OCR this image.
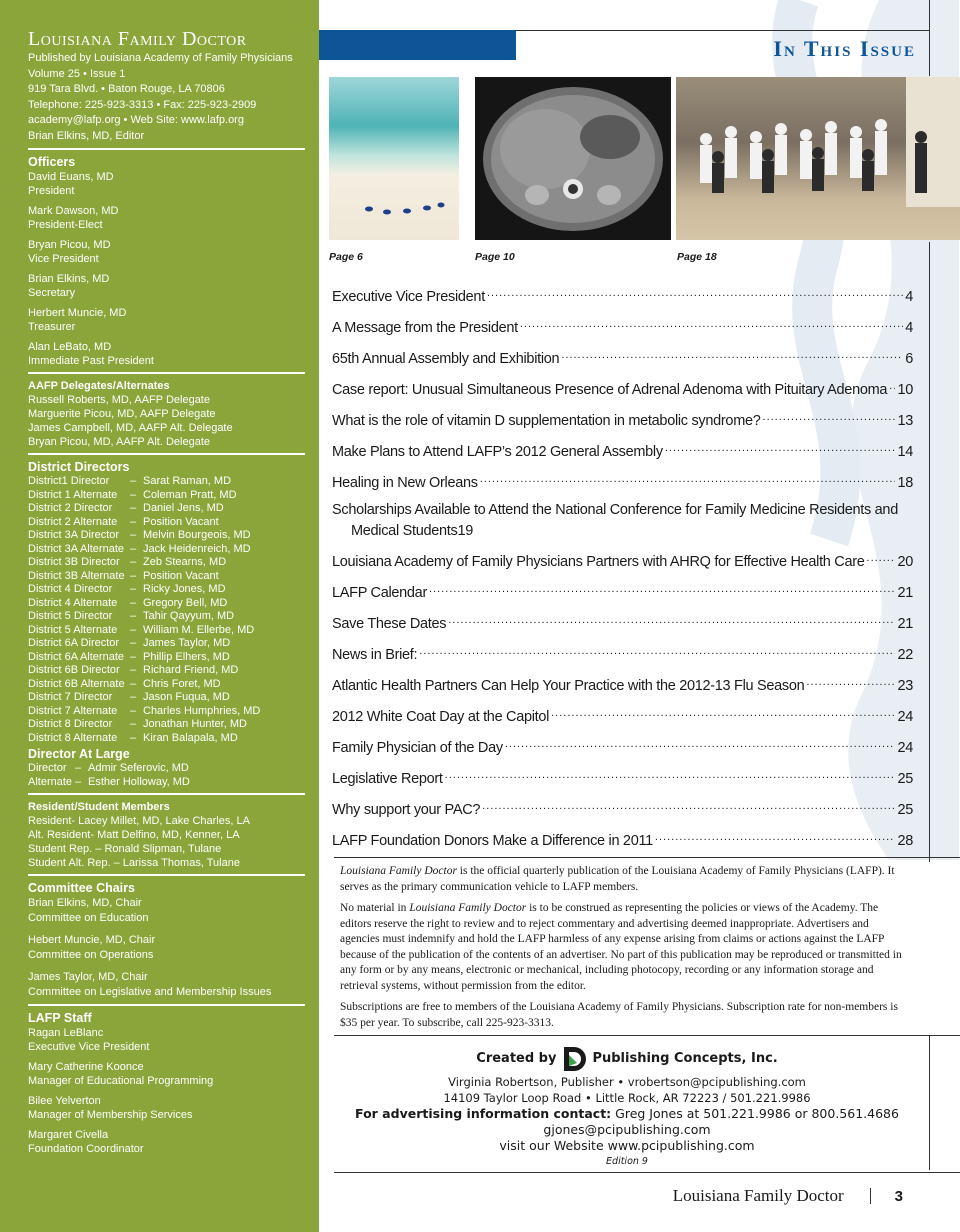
Louisiana Family Doctor
Published by Louisiana Academy of Family Physicians
Volume 25 • Issue 1
919 Tara Blvd. • Baton Rouge, LA 70806
Telephone: 225-923-3313 • Fax: 225-923-2909
academy@lafp.org • Web Site: www.lafp.org
Brian Elkins, MD, Editor
Officers
David Euans, MD
President
Mark Dawson, MD
President-Elect
Bryan Picou, MD
Vice President
Brian Elkins, MD
Secretary
Herbert Muncie, MD
Treasurer
Alan LeBato, MD
Immediate Past President
AAFP Delegates/Alternates
Russell Roberts, MD, AAFP Delegate
Marguerite Picou, MD, AAFP Delegate
James Campbell, MD, AAFP Alt. Delegate
Bryan Picou, MD, AAFP Alt. Delegate
District Directors
District1 Director	– Sarat Raman, MD
District 1 Alternate	– Coleman Pratt, MD
District 2 Director	– Daniel Jens, MD
District 2 Alternate	– Position Vacant
District 3A Director – Melvin Bourgeois, MD
District 3A Alternate – Jack Heidenreich, MD
District 3B Director – Zeb Stearns, MD
District 3B Alternate – Position Vacant
District 4 Director	– Ricky Jones, MD
District 4 Alternate	– Gregory Bell, MD
District 5 Director	– Tahir Qayyum, MD
District 5 Alternate	– William M. Ellerbe, MD
District 6A Director – James Taylor, MD
District 6A Alternate – Phillip Elhers, MD
District 6B Director – Richard Friend, MD
District 6B Alternate – Chris Foret, MD
District 7 Director	– Jason Fuqua, MD
District 7 Alternate	– Charles Humphries, MD
District 8 Director	– Jonathan Hunter, MD
District 8 Alternate	– Kiran Balapala, MD
Director At Large
Director – Admir Seferovic, MD
Alternate – Esther Holloway, MD
Resident/Student Members
Resident- Lacey Millet, MD, Lake Charles, LA
Alt. Resident- Matt Delfino, MD, Kenner, LA
Student Rep. – Ronald Slipman, Tulane
Student Alt. Rep. – Larissa Thomas, Tulane
Committee Chairs
Brian Elkins, MD, Chair
Committee on Education
Hebert Muncie, MD, Chair
Committee on Operations
James Taylor, MD, Chair
Committee on Legislative and Membership Issues
LAFP Staff
Ragan LeBlanc
Executive Vice President
Mary Catherine Koonce
Manager of Educational Programming
Bilee Yelverton
Manager of Membership Services
Margaret Civella
Foundation Coordinator
In This Issue
Page 6	Page 10	Page 18
Executive Vice President .....	4
A Message from the President .....	4
65th Annual Assembly and Exhibition .....	6
Case report: Unusual Simultaneous Presence of Adrenal Adenoma with Pituitary Adenoma ..... 10
What is the role of vitamin D supplementation in metabolic syndrome? .....	13
Make Plans to Attend LAFP’s 2012 General Assembly .....	14
Healing in New Orleans .....	18
Scholarships Available to Attend the National Conference for Family Medicine Residents and
Medical Students 19
Louisiana Academy of Family Physicians Partners with AHRQ for Effective Health Care ..... 20
LAFP Calendar .....	21
Save These Dates .....	21
News in Brief: .....	22
Atlantic Health Partners Can Help Your Practice with the 2012-13 Flu Season .....	23
2012 White Coat Day at the Capitol .....	24
Family Physician of the Day .....	24
Legislative Report .....	25
Why support your PAC? .....	25
LAFP Foundation Donors Make a Difference in 2011 .....	28

Louisiana Family Doctor is the official quarterly publication of the Louisiana Academy of Family Physicians (LAFP). It serves as the primary communication vehicle to LAFP members.

No material in Louisiana Family Doctor is to be construed as representing the policies or views of the Academy. The editors reserve the right to review and to reject commentary and advertising deemed inappropriate. Advertisers and agencies must indemnify and hold the LAFP harmless of any expense arising from claims or actions against the LAFP because of the publication of the contents of an advertiser. No part of this publication may be reproduced or transmitted in any form or by any means, electronic or mechanical, including photocopy, recording or any information storage and retrieval systems, without permission from the editor.

Subscriptions are free to members of the Louisiana Academy of Family Physicians. Subscription rate for non-members is $35 per year. To subscribe, call 225-923-3313.

Created by	Publishing Concepts, Inc.
Virginia Robertson, Publisher • vrobertson@pcipublishing.com
14109 Taylor Loop Road • Little Rock, AR 72223 / 501.221.9986
For advertising information contact: Greg Jones at 501.221.9986 or 800.561.4686
gjones@pcipublishing.com
visit our Website www.pcipublishing.com
Edition 9
Louisiana Family Doctor	3
